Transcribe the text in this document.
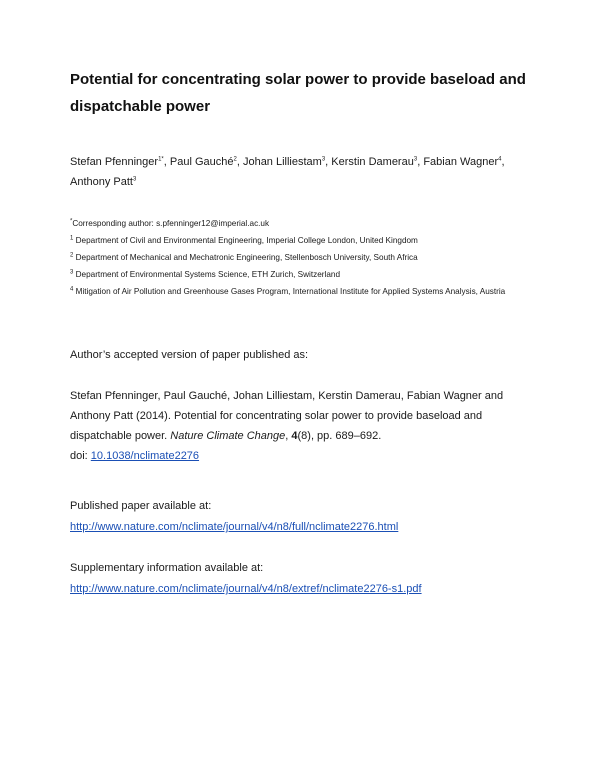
Potential for concentrating solar power to provide baseload and dispatchable power

Stefan Pfenninger$^{1*}$, Paul Gauché$^2$, Johan Lilliestam$^3$, Kerstin Damerau$^3$, Fabian Wagner$^4$, Anthony Patt$^3$

*Corresponding author: s.pfenninger12@imperial.ac.uk

$^1$ Department of Civil and Environmental Engineering, Imperial College London, United Kingdom

$^2$ Department of Mechanical and Mechatronic Engineering, Stellenbosch University, South Africa

$^3$ Department of Environmental Systems Science, ETH Zurich, Switzerland

$^4$ Mitigation of Air Pollution and Greenhouse Gases Program, International Institute for Applied Systems Analysis, Austria

Author’s accepted version of paper published as:

Stefan Pfenninger, Paul Gauché, Johan Lilliestam, Kerstin Damerau, Fabian Wagner and Anthony Patt (2014). Potential for concentrating solar power to provide baseload and dispatchable power. Nature Climate Change, 4(8), pp. 689–692.
doi: 10.1038/nclimate2276

Published paper available at:
http://www.nature.com/nclimate/journal/v4/n8/full/nclimate2276.html

Supplementary information available at:
http://www.nature.com/nclimate/journal/v4/n8/extref/nclimate2276-s1.pdf
